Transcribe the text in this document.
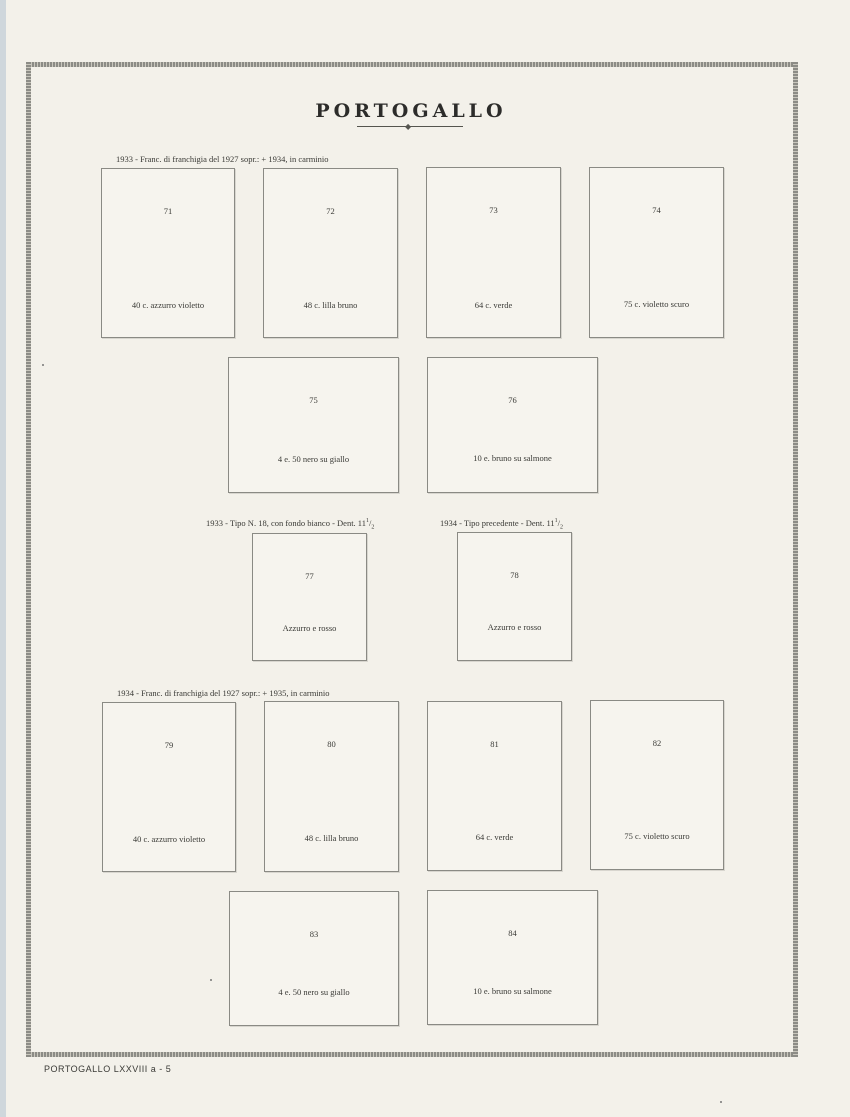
PORTOGALLO
◆
1933 - Franc. di franchigia del 1927 sopr.: + 1934, in carminio
71
40 c. azzurro violetto
72
48 c. lilla bruno
73
64 c. verde
74
75 c. violetto scuro
75
4 e. 50 nero su giallo
76
10 e. bruno su salmone
1933 - Tipo N. 18, con fondo bianco - Dent. $11^1/_2$	1934 - Tipo precedente - Dent. $11^1/_2$
77
Azzurro e rosso
78
Azzurro e rosso
1934 - Franc. di franchigia del 1927 sopr.: + 1935, in carminio
79
40 c. azzurro violetto
80
48 c. lilla bruno
81
64 c. verde
82
75 c. violetto scuro
83
4 e. 50 nero su giallo
84
10 e. bruno su salmone
PORTOGALLO LXXVIII a - 5
